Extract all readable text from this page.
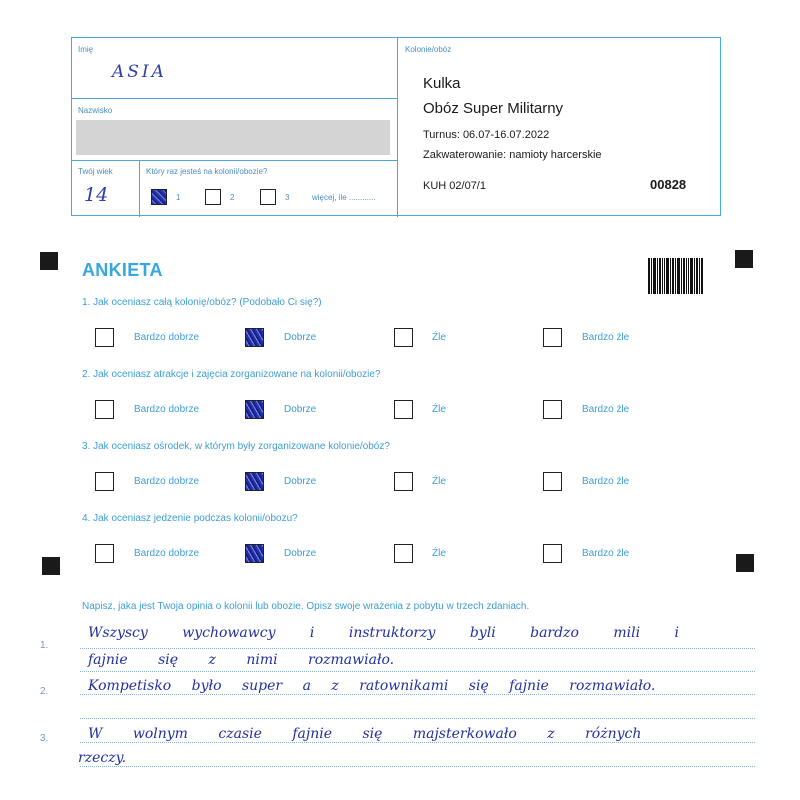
Imię
ASIA
Nazwisko
Twój wiek
14
Który raz jesteś na kolonii/obozie?
1	2	3	więcej, ile ............
Kolonie/obóz
Kulka
Obóz Super Militarny
Turnus: 06.07-16.07.2022
Zakwaterowanie: namioty harcerskie
KUH 02/07/1	00828
ANKIETA
1. Jak oceniasz całą kolonię/obóz? (Podobało Ci się?)
Bardzo dobrze	Dobrze	Źle	Bardzo źle
2. Jak oceniasz atrakcje i zajęcia zorganizowane na kolonii/obozie?
Bardzo dobrze	Dobrze	Źle	Bardzo źle
3. Jak oceniasz ośrodek, w którym były zorganizowane kolonie/obóz?
Bardzo dobrze	Dobrze	Źle	Bardzo źle
4. Jak oceniasz jedzenie podczas kolonii/obozu?
Bardzo dobrze	Dobrze	Źle	Bardzo źle
Napisz, jaka jest Twoja opinia o kolonii lub obozie. Opisz swoje wrażenia z pobytu w trzech zdaniach.
1.
2.
3.
Wszyscy wychowawcy i instruktorzy byli bardzo mili i
fajnie się z nimi rozmawiało.
Kompetisko było super a z ratownikami się fajnie rozmawiało.
W wolnym czasie fajnie się majsterkowało z różnych
rzeczy.
